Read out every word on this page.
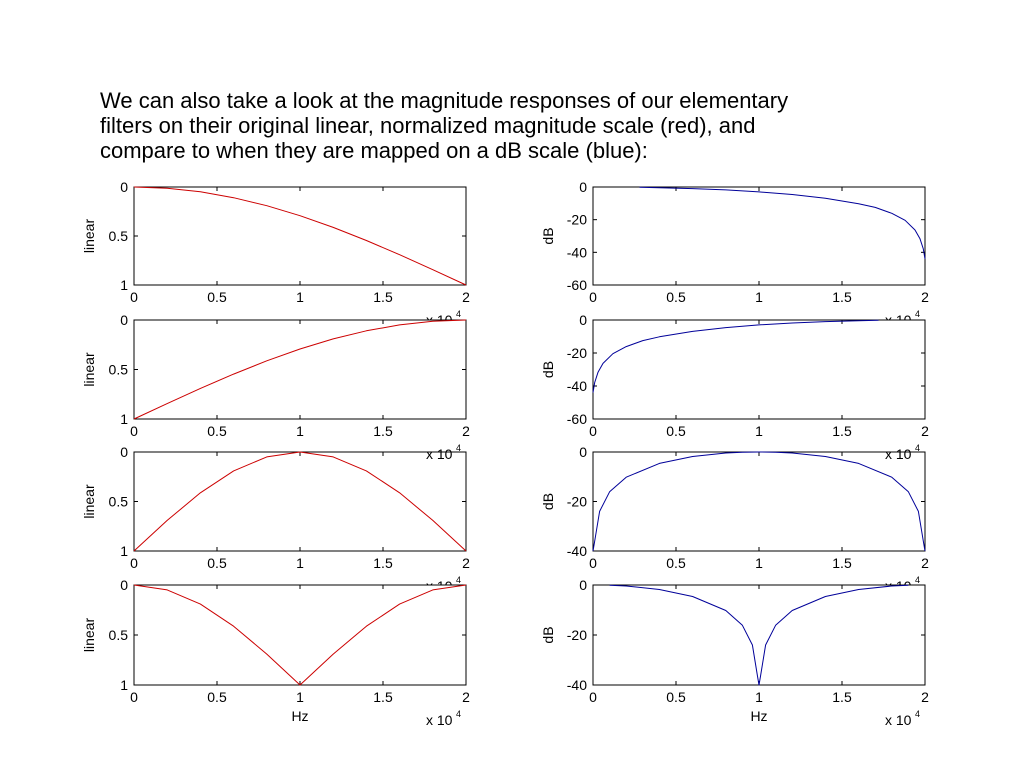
We can also take a look at the magnitude responses of our elementary
filters on their original linear, normalized magnitude scale (red), and
compare to when they are mapped on a dB scale (blue):
0	0.5	1	1.5	2
0
0.5
1
linear
4
0	0.5	1	1.5	2
0
-20
-40
-60
dB
4
0	0.5	1	1.5	2
0
0.5
1
linear
4
0	0.5	1	1.5	2
0
-20
-40
dB
4
0	0.5	1	1.5	2
0
0.5
1
linear
x 10 4
0	0.5	1	1.5	2
0
-20
-40
-60
dB
x 10 4
0	0.5	1	1.5	2
0
0.5
1
linear
Hz	x 10 4
0	0.5	1	1.5	2
0
-20
-40
dB
Hz	x 10 4
